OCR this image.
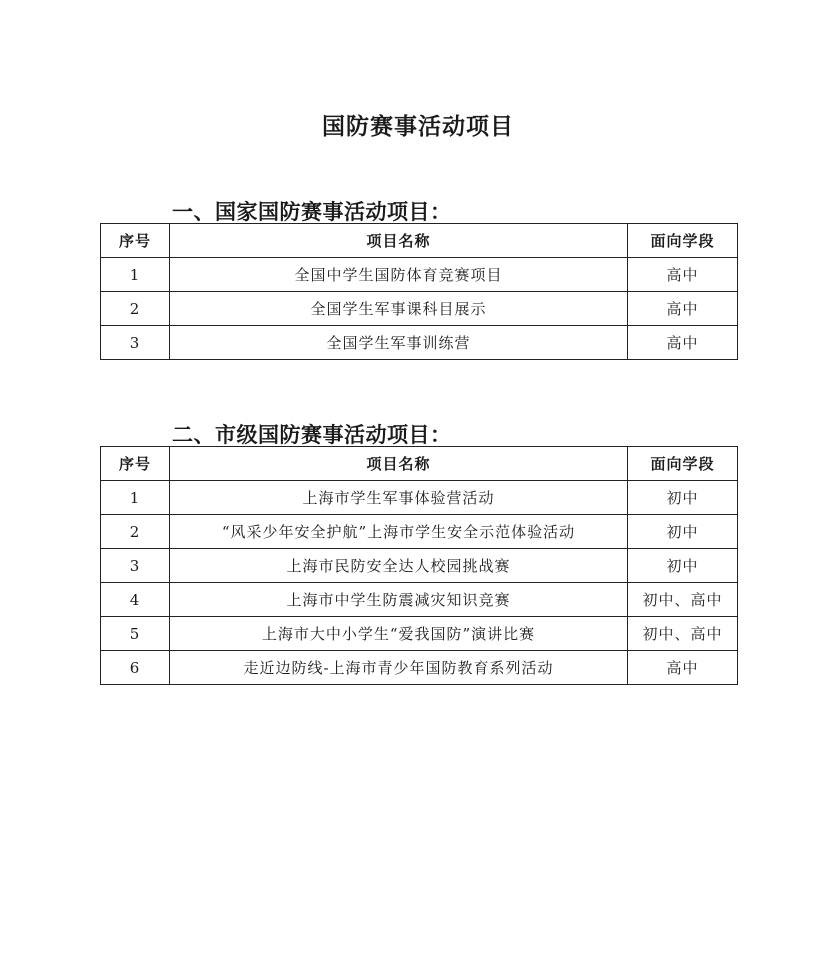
国防赛事活动项目
一、国家国防赛事活动项目：
序号	项目名称	面向学段
1	全国中学生国防体育竞赛项目	高中
2	全国学生军事课科目展示	高中
3	全国学生军事训练营	高中
二、市级国防赛事活动项目：
序号	项目名称	面向学段
1	上海市学生军事体验营活动	初中
2	“风采少年安全护航”上海市学生安全示范体验活动	初中
3	上海市民防安全达人校园挑战赛	初中
4	上海市中学生防震减灾知识竞赛	初中、高中
5	上海市大中小学生“爱我国防”演讲比赛	初中、高中
6	走近边防线-上海市青少年国防教育系列活动	高中
